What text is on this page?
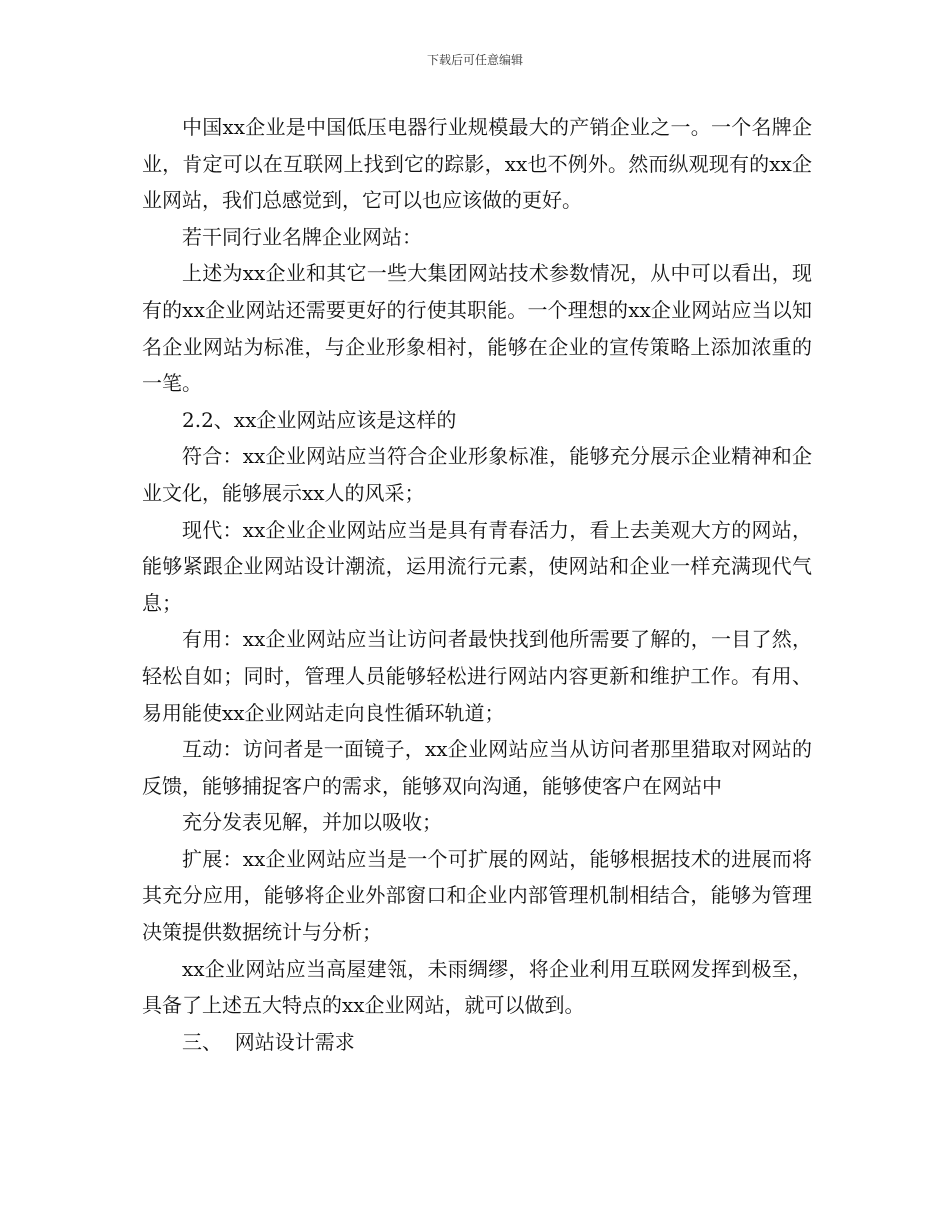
下载后可任意编辑

中国xx企业是中国低压电器行业规模最大的产销企业之一。一个名牌企业，肯定可以在互联网上找到它的踪影，xx也不例外。然而纵观现有的xx企业网站，我们总感觉到，它可以也应该做的更好。

若干同行业名牌企业网站：

上述为xx企业和其它一些大集团网站技术参数情况，从中可以看出，现有的xx企业网站还需要更好的行使其职能。一个理想的xx企业网站应当以知名企业网站为标准，与企业形象相衬，能够在企业的宣传策略上添加浓重的一笔。

2.2、xx企业网站应该是这样的

符合：xx企业网站应当符合企业形象标准，能够充分展示企业精神和企业文化，能够展示xx人的风采；

现代：xx企业企业网站应当是具有青春活力，看上去美观大方的网站，能够紧跟企业网站设计潮流，运用流行元素，使网站和企业一样充满现代气息；

有用：xx企业网站应当让访问者最快找到他所需要了解的，一目了然，轻松自如；同时，管理人员能够轻松进行网站内容更新和维护工作。有用、易用能使xx企业网站走向良性循环轨道；

互动：访问者是一面镜子，xx企业网站应当从访问者那里猎取对网站的反馈，能够捕捉客户的需求，能够双向沟通，能够使客户在网站中

充分发表见解，并加以吸收；

扩展：xx企业网站应当是一个可扩展的网站，能够根据技术的进展而将其充分应用，能够将企业外部窗口和企业内部管理机制相结合，能够为管理决策提供数据统计与分析；

xx企业网站应当高屋建瓴，未雨绸缪，将企业利用互联网发挥到极至，具备了上述五大特点的xx企业网站，就可以做到。

三、  网站设计需求
